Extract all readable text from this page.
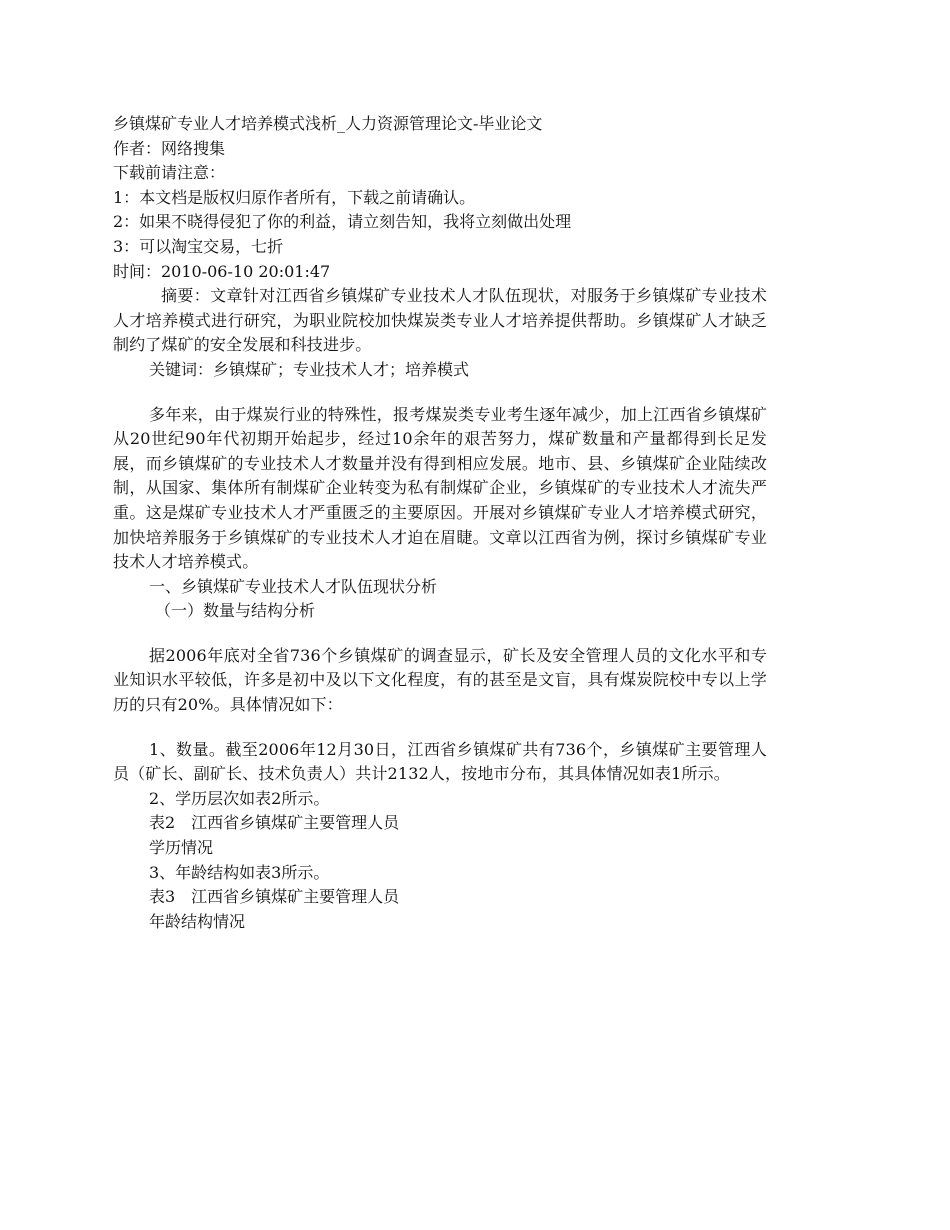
乡镇煤矿专业人才培养模式浅析_人力资源管理论文-毕业论文

作者：网络搜集

下载前请注意：

1：本文档是版权归原作者所有，下载之前请确认。

2：如果不晓得侵犯了你的利益，请立刻告知，我将立刻做出处理

3：可以淘宝交易，七折

时间：2010-06-10 20:01:47

摘要：文章针对江西省乡镇煤矿专业技术人才队伍现状，对服务于乡镇煤矿专业技术人才培养模式进行研究，为职业院校加快煤炭类专业人才培养提供帮助。乡镇煤矿人才缺乏制约了煤矿的安全发展和科技进步。

关键词：乡镇煤矿；专业技术人才；培养模式

多年来，由于煤炭行业的特殊性，报考煤炭类专业考生逐年减少，加上江西省乡镇煤矿从20世纪90年代初期开始起步，经过10余年的艰苦努力，煤矿数量和产量都得到长足发展，而乡镇煤矿的专业技术人才数量并没有得到相应发展。地市、县、乡镇煤矿企业陆续改制，从国家、集体所有制煤矿企业转变为私有制煤矿企业，乡镇煤矿的专业技术人才流失严重。这是煤矿专业技术人才严重匮乏的主要原因。开展对乡镇煤矿专业人才培养模式研究，加快培养服务于乡镇煤矿的专业技术人才迫在眉睫。文章以江西省为例，探讨乡镇煤矿专业技术人才培养模式。

一、乡镇煤矿专业技术人才队伍现状分析

（一）数量与结构分析

据2006年底对全省736个乡镇煤矿的调查显示，矿长及安全管理人员的文化水平和专业知识水平较低，许多是初中及以下文化程度，有的甚至是文盲，具有煤炭院校中专以上学历的只有20%。具体情况如下：

1、数量。截至2006年12月30日，江西省乡镇煤矿共有736个，乡镇煤矿主要管理人员（矿长、副矿长、技术负责人）共计2132人，按地市分布，其具体情况如表1所示。

2、学历层次如表2所示。

表2　江西省乡镇煤矿主要管理人员

学历情况

3、年龄结构如表3所示。

表3　江西省乡镇煤矿主要管理人员

年龄结构情况
